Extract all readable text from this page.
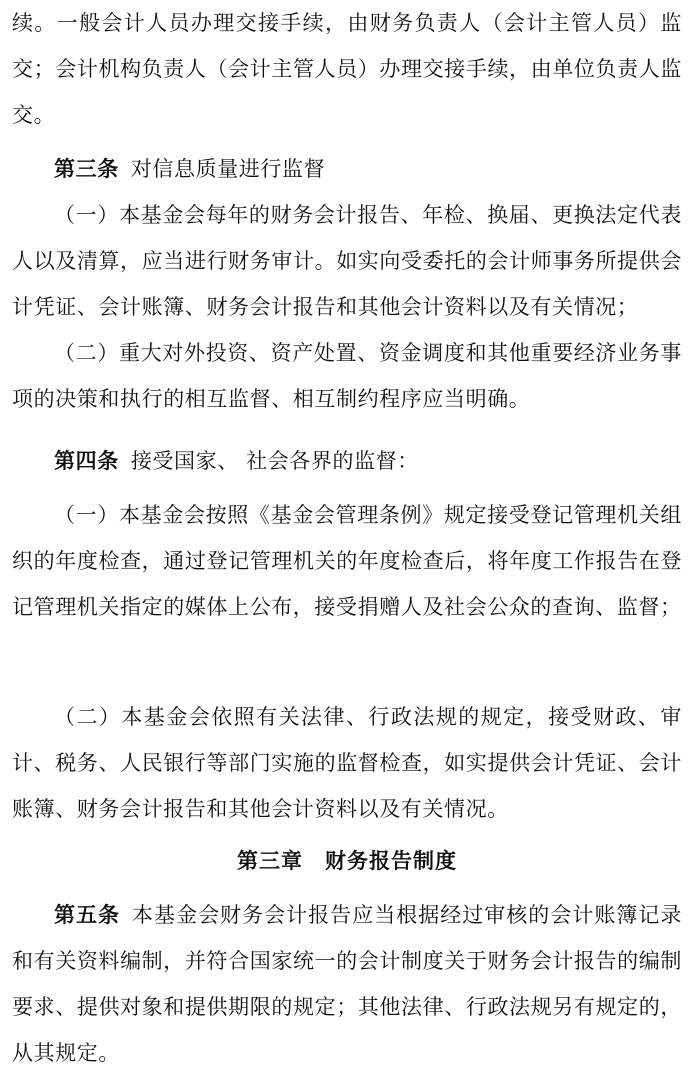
续。一般会计人员办理交接手续，由财务负责人（会计主管人员）监交；会计机构负责人（会计主管人员）办理交接手续，由单位负责人监交。

第三条 对信息质量进行监督

（一）本基金会每年的财务会计报告、年检、换届、更换法定代表人以及清算，应当进行财务审计。如实向受委托的会计师事务所提供会计凭证、会计账簿、财务会计报告和其他会计资料以及有关情况；

（二）重大对外投资、资产处置、资金调度和其他重要经济业务事项的决策和执行的相互监督、相互制约程序应当明确。

第四条 接受国家、 社会各界的监督：

（一）本基金会按照《基金会管理条例》规定接受登记管理机关组织的年度检查，通过登记管理机关的年度检查后，将年度工作报告在登记管理机关指定的媒体上公布，接受捐赠人及社会公众的查询、监督；

（二）本基金会依照有关法律、行政法规的规定，接受财政、审计、税务、人民银行等部门实施的监督检查，如实提供会计凭证、会计账簿、财务会计报告和其他会计资料以及有关情况。

第三章　财务报告制度

第五条 本基金会财务会计报告应当根据经过审核的会计账簿记录和有关资料编制，并符合国家统一的会计制度关于财务会计报告的编制要求、提供对象和提供期限的规定；其他法律、行政法规另有规定的，从其规定。
